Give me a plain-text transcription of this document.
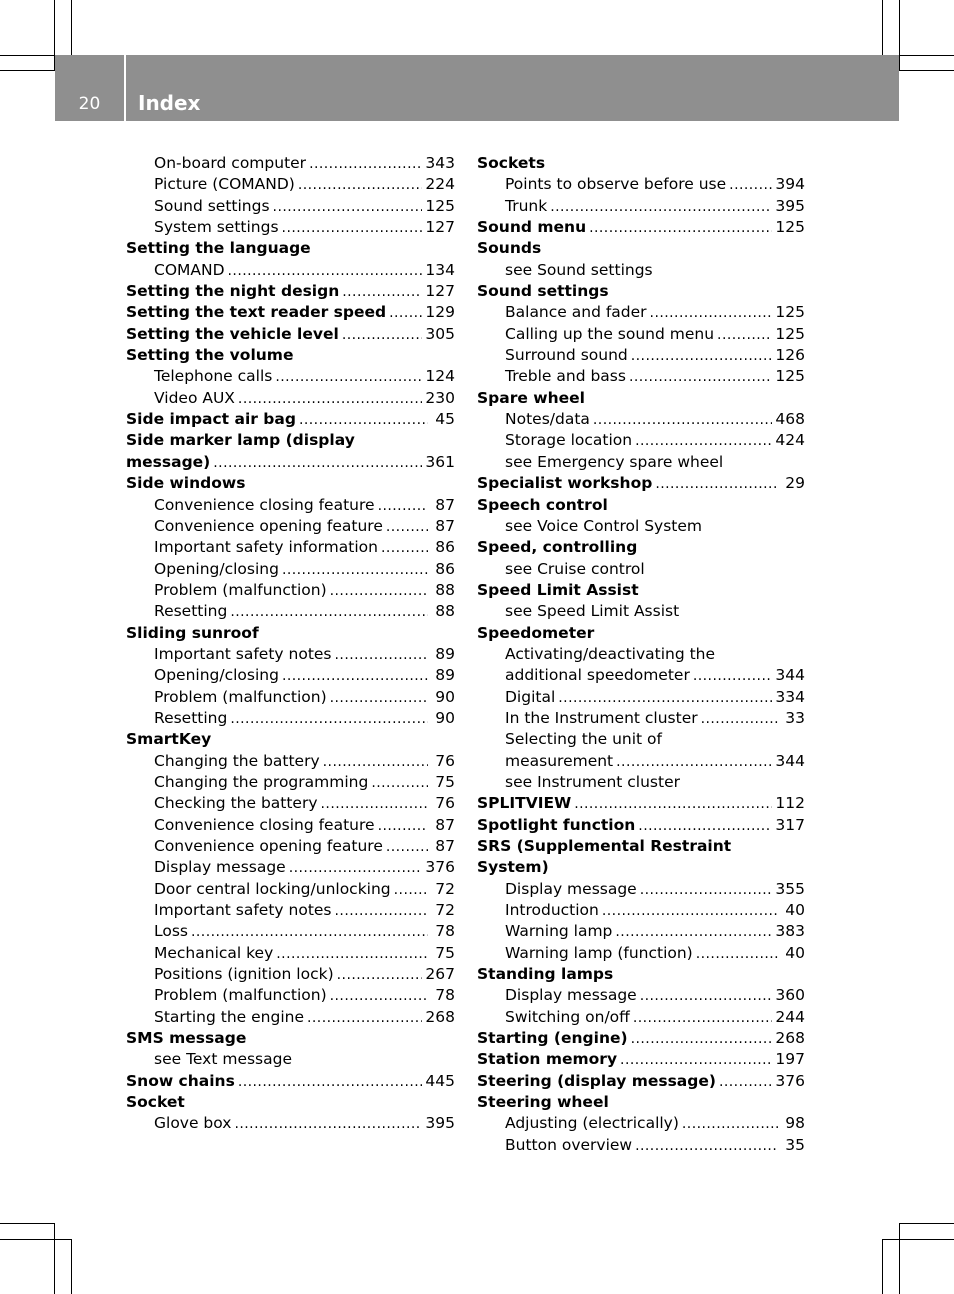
20	Index
On-board computer . . .	343
Picture (COMAND) . . .	224
Sound settings . . .	125
System settings . . .	127
Setting the language
COMAND . . .	134
Setting the night design . . .	127
Setting the text reader speed . . .	129
Setting the vehicle level . . .	305
Setting the volume
Telephone calls . . .	124
Video AUX . . .	230
Side impact air bag . . .	45
Side marker lamp (display
message) . . .	361
Side windows
Convenience closing feature . . .	87
Convenience opening feature . . .	87
Important safety information . . .	86
Opening/closing . . .	86
Problem (malfunction) . . .	88
Resetting . . .	88
Sliding sunroof
Important safety notes . . .	89
Opening/closing . . .	89
Problem (malfunction) . . .	90
Resetting . . .	90
SmartKey
Changing the battery . . .	76
Changing the programming . . .	75
Checking the battery . . .	76
Convenience closing feature . . .	87
Convenience opening feature . . .	87
Display message . . .	376
Door central locking/unlocking . . .	72
Important safety notes . . .	72
Loss . . .	78
Mechanical key . . .	75
Positions (ignition lock) . . .	267
Problem (malfunction) . . .	78
Starting the engine . . .	268
SMS message
see Text message
Snow chains . . .	445
Socket
Glove box . . .	395
Sockets
Points to observe before use . . .	394
Trunk . . .	395
Sound menu . . .	125
Sounds
see Sound settings
Sound settings
Balance and fader . . .	125
Calling up the sound menu . . .	125
Surround sound . . .	126
Treble and bass . . .	125
Spare wheel
Notes/data . . .	468
Storage location . . .	424
see Emergency spare wheel
Specialist workshop . . .	29
Speech control
see Voice Control System
Speed, controlling
see Cruise control
Speed Limit Assist
see Speed Limit Assist
Speedometer
Activating/deactivating the
additional speedometer . . .	344
Digital . . .	334
In the Instrument cluster . . .	33
Selecting the unit of
measurement . . .	344
see Instrument cluster
SPLITVIEW . . .	112
Spotlight function . . .	317
SRS (Supplemental Restraint
System)
Display message . . .	355
Introduction . . .	40
Warning lamp . . .	383
Warning lamp (function) . . .	40
Standing lamps
Display message . . .	360
Switching on/off . . .	244
Starting (engine) . . .	268
Station memory . . .	197
Steering (display message) . . .	376
Steering wheel
Adjusting (electrically) . . .	98
Button overview . . .	35
